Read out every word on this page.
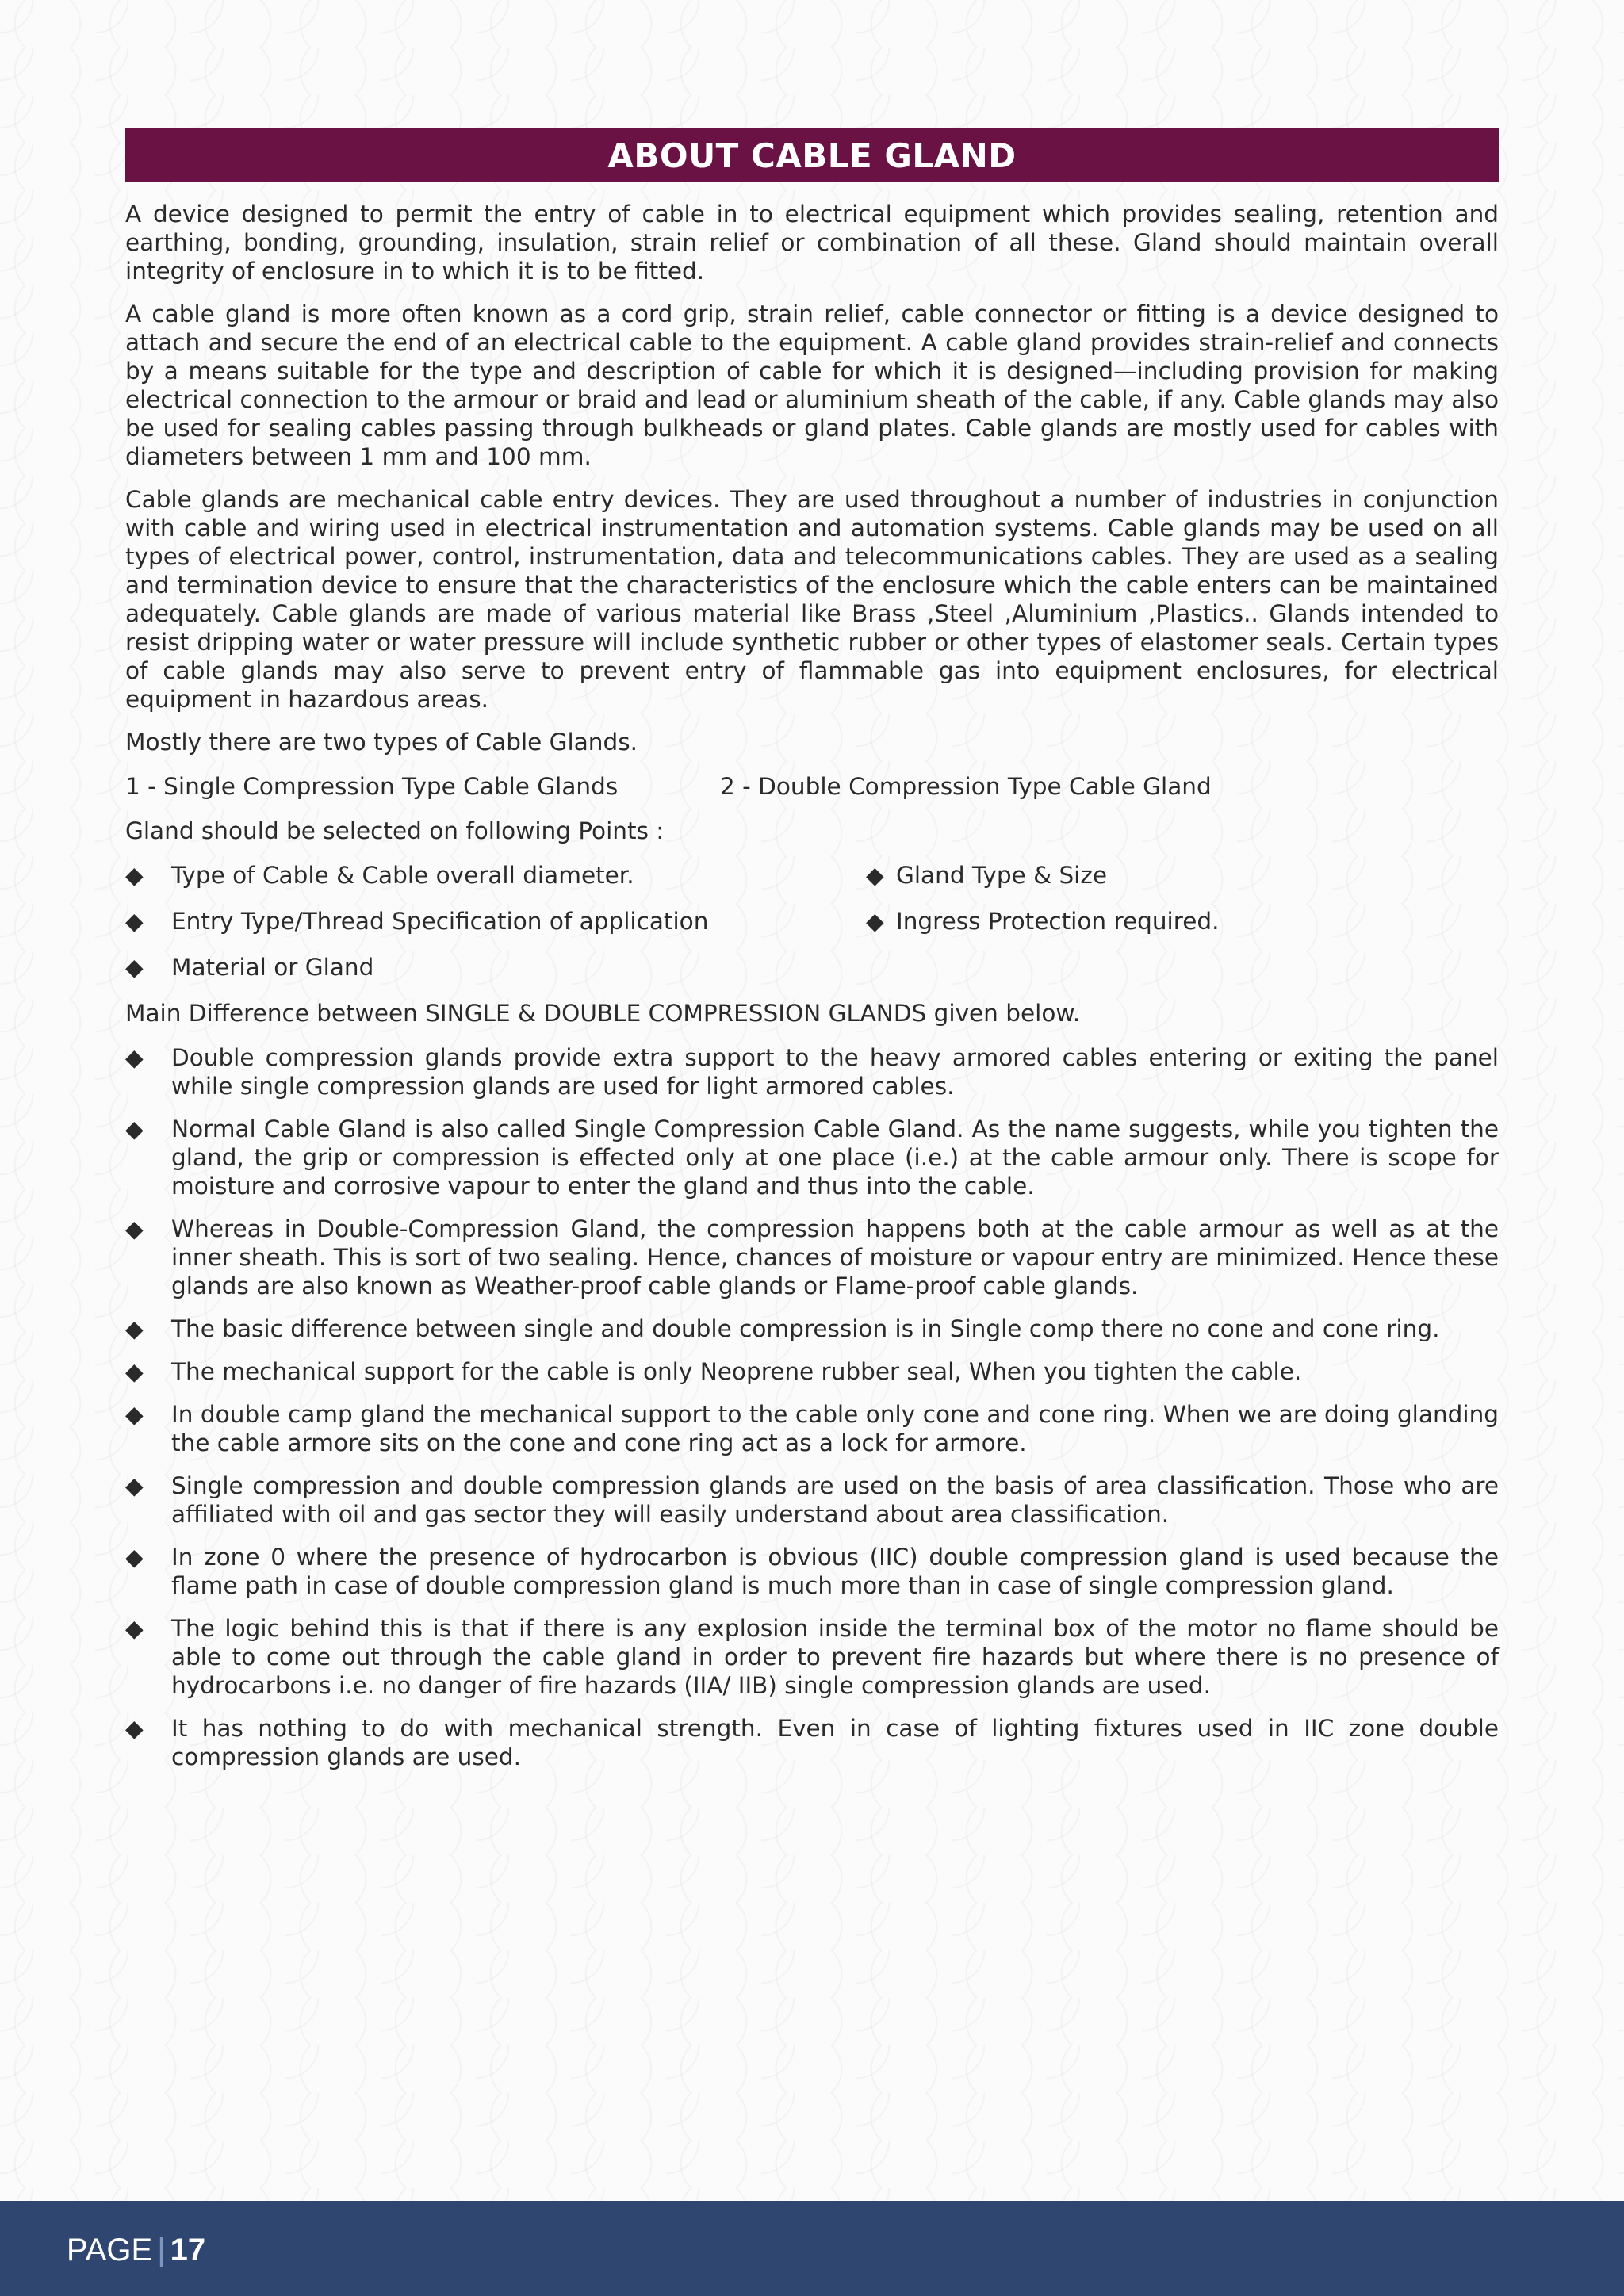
ABOUT CABLE GLAND

A device designed to permit the entry of cable in to electrical equipment which provides sealing, retention and earthing, bonding, grounding, insulation, strain relief or combination of all these. Gland should maintain overall integrity of enclosure in to which it is to be fitted.

A cable gland is more often known as a cord grip, strain relief, cable connector or fitting is a device designed to attach and secure the end of an electrical cable to the equipment. A cable gland provides strain-relief and connects by a means suitable for the type and description of cable for which it is designed—including provision for making electrical connection to the armour or braid and lead or aluminium sheath of the cable, if any. Cable glands may also be used for sealing cables passing through bulkheads or gland plates. Cable glands are mostly used for cables with diameters between 1 mm and 100 mm.

Cable glands are mechanical cable entry devices. They are used throughout a number of industries in conjunction with cable and wiring used in electrical instrumentation and automation systems. Cable glands may be used on all types of electrical power, control, instrumentation, data and telecommunications cables. They are used as a sealing and termination device to ensure that the characteristics of the enclosure which the cable enters can be maintained adequately. Cable glands are made of various material like Brass ,Steel ,Aluminium ,Plastics.. Glands intended to resist dripping water or water pressure will include synthetic rubber or other types of elastomer seals. Certain types of cable glands may also serve to prevent entry of flammable gas into equipment enclosures, for electrical equipment in hazardous areas.

Mostly there are two types of Cable Glands.
1 - Single Compression Type Cable Glands	2 - Double Compression Type Cable Gland
Gland should be selected on following Points :
◆	Type of Cable & Cable overall diameter.	◆ Gland Type & Size
◆	Entry Type/Thread Specification of application	◆ Ingress Protection required.
◆	Material or Gland
Main Difference between SINGLE & DOUBLE COMPRESSION GLANDS given below.
◆	Double compression glands provide extra support to the heavy armored cables entering or exiting the panel while single compression glands are used for light armored cables.
◆	Normal Cable Gland is also called Single Compression Cable Gland. As the name suggests, while you tighten the gland, the grip or compression is effected only at one place (i.e.) at the cable armour only. There is scope for moisture and corrosive vapour to enter the gland and thus into the cable.
◆	Whereas in Double-Compression Gland, the compression happens both at the cable armour as well as at the inner sheath. This is sort of two sealing. Hence, chances of moisture or vapour entry are minimized. Hence these glands are also known as Weather-proof cable glands or Flame-proof cable glands.
◆	The basic difference between single and double compression is in Single comp there no cone and cone ring.
◆	The mechanical support for the cable is only Neoprene rubber seal, When you tighten the cable.
◆	In double camp gland the mechanical support to the cable only cone and cone ring. When we are doing glanding the cable armore sits on the cone and cone ring act as a lock for armore.
◆	Single compression and double compression glands are used on the basis of area classification. Those who are affiliated with oil and gas sector they will easily understand about area classification.
◆	In zone 0 where the presence of hydrocarbon is obvious (IIC) double compression gland is used because the flame path in case of double compression gland is much more than in case of single compression gland.
◆	The logic behind this is that if there is any explosion inside the terminal box of the motor no flame should be able to come out through the cable gland in order to prevent fire hazards but where there is no presence of hydrocarbons i.e. no danger of fire hazards (IIA/ IIB) single compression glands are used.
◆	It has nothing to do with mechanical strength. Even in case of lighting fixtures used in IIC zone double compression glands are used.
PAGE | 17
